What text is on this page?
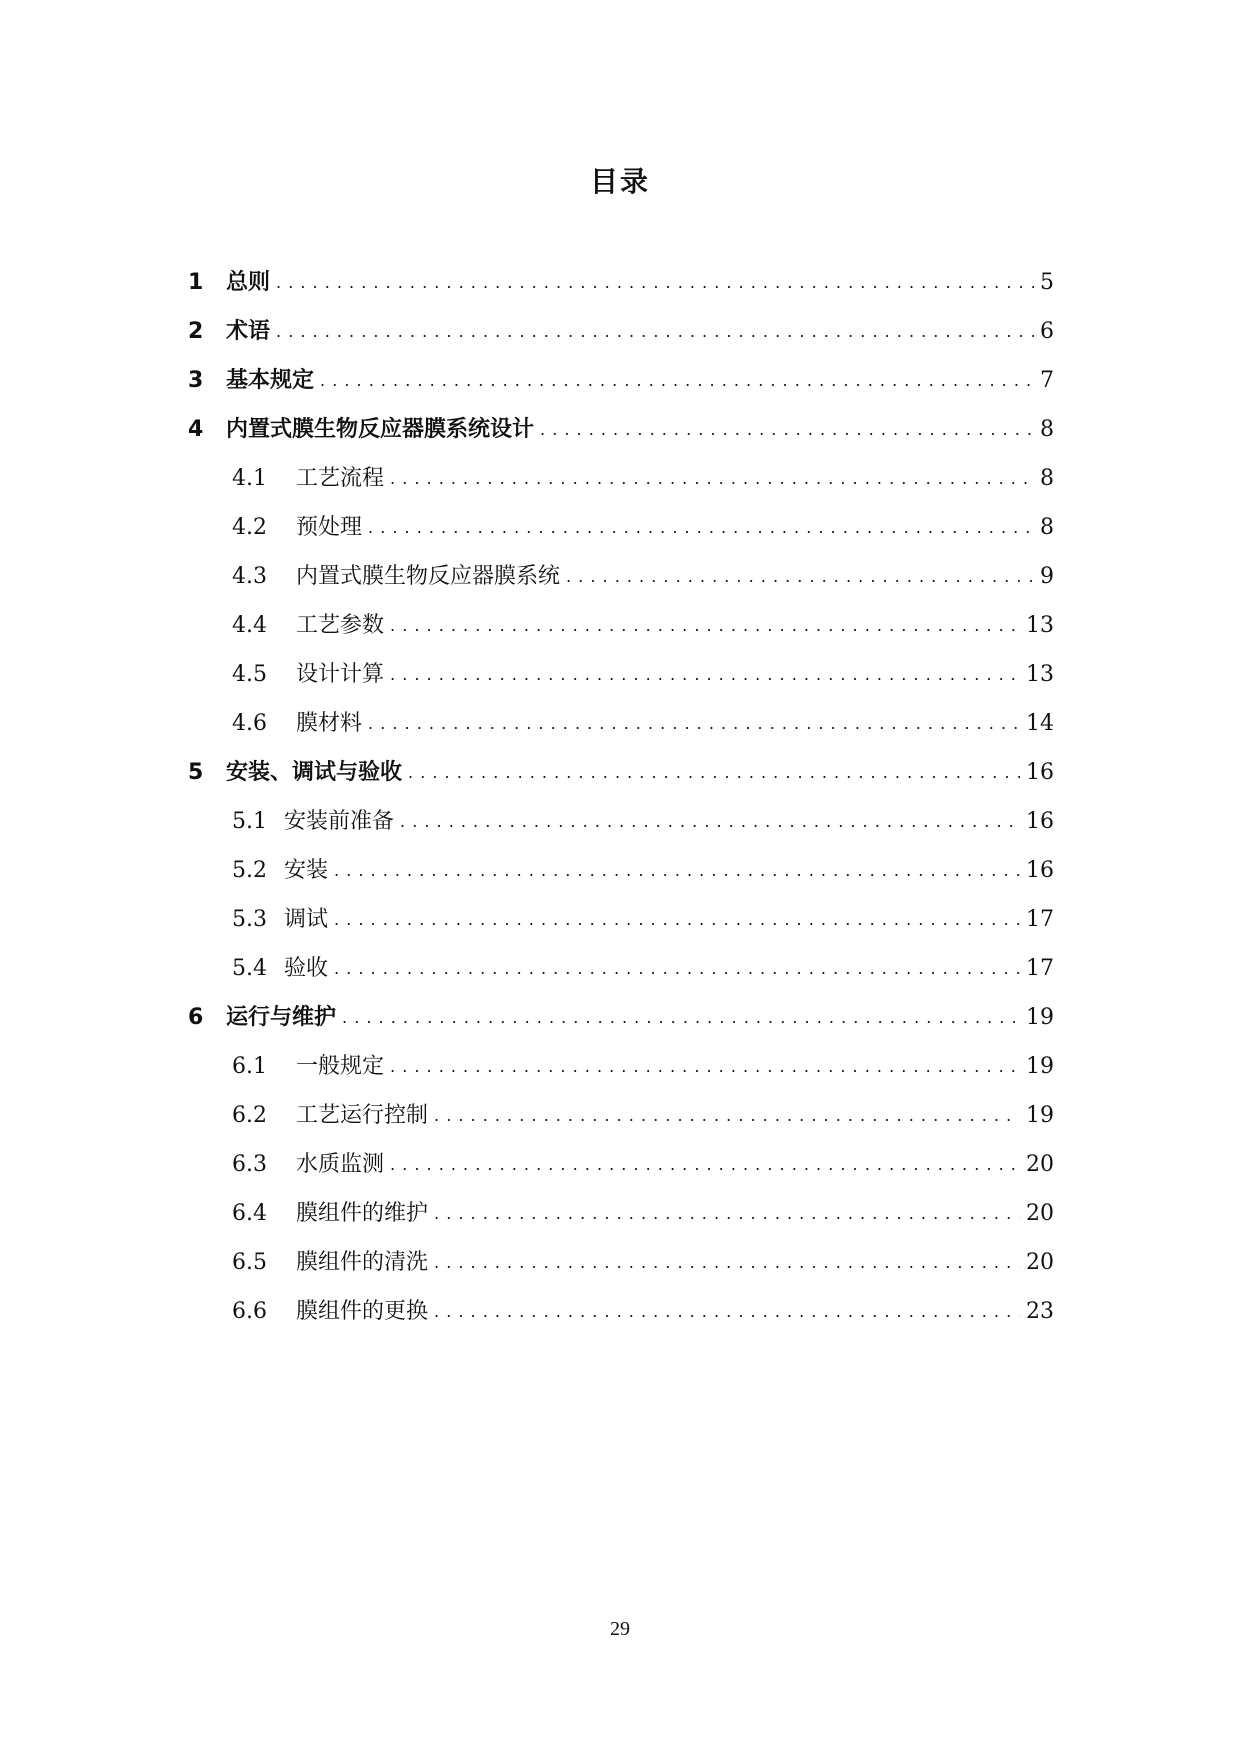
目录
1	总则 . . .	5
2	术语 . . .	6
3	基本规定 . . .	7
4	内置式膜生物反应器膜系统设计 . . .	8
4.1	工艺流程 . . .	8
4.2	预处理 . . .	8
4.3	内置式膜生物反应器膜系统 . . .	9
4.4	工艺参数 . . .	13
4.5	设计计算 . . .	13
4.6	膜材料 . . .	14
5	安装、调试与验收 . . .	16
5.1 安装前准备 . . .	16
5.2 安装 . . .	16
5.3 调试 . . .	17
5.4 验收 . . .	17
6	运行与维护 . . .	19
6.1	一般规定 . . .	19
6.2	工艺运行控制 . . .	19
6.3	水质监测 . . .	20
6.4	膜组件的维护 . . .	20
6.5	膜组件的清洗 . . .	20
6.6	膜组件的更换 . . .	23
29
